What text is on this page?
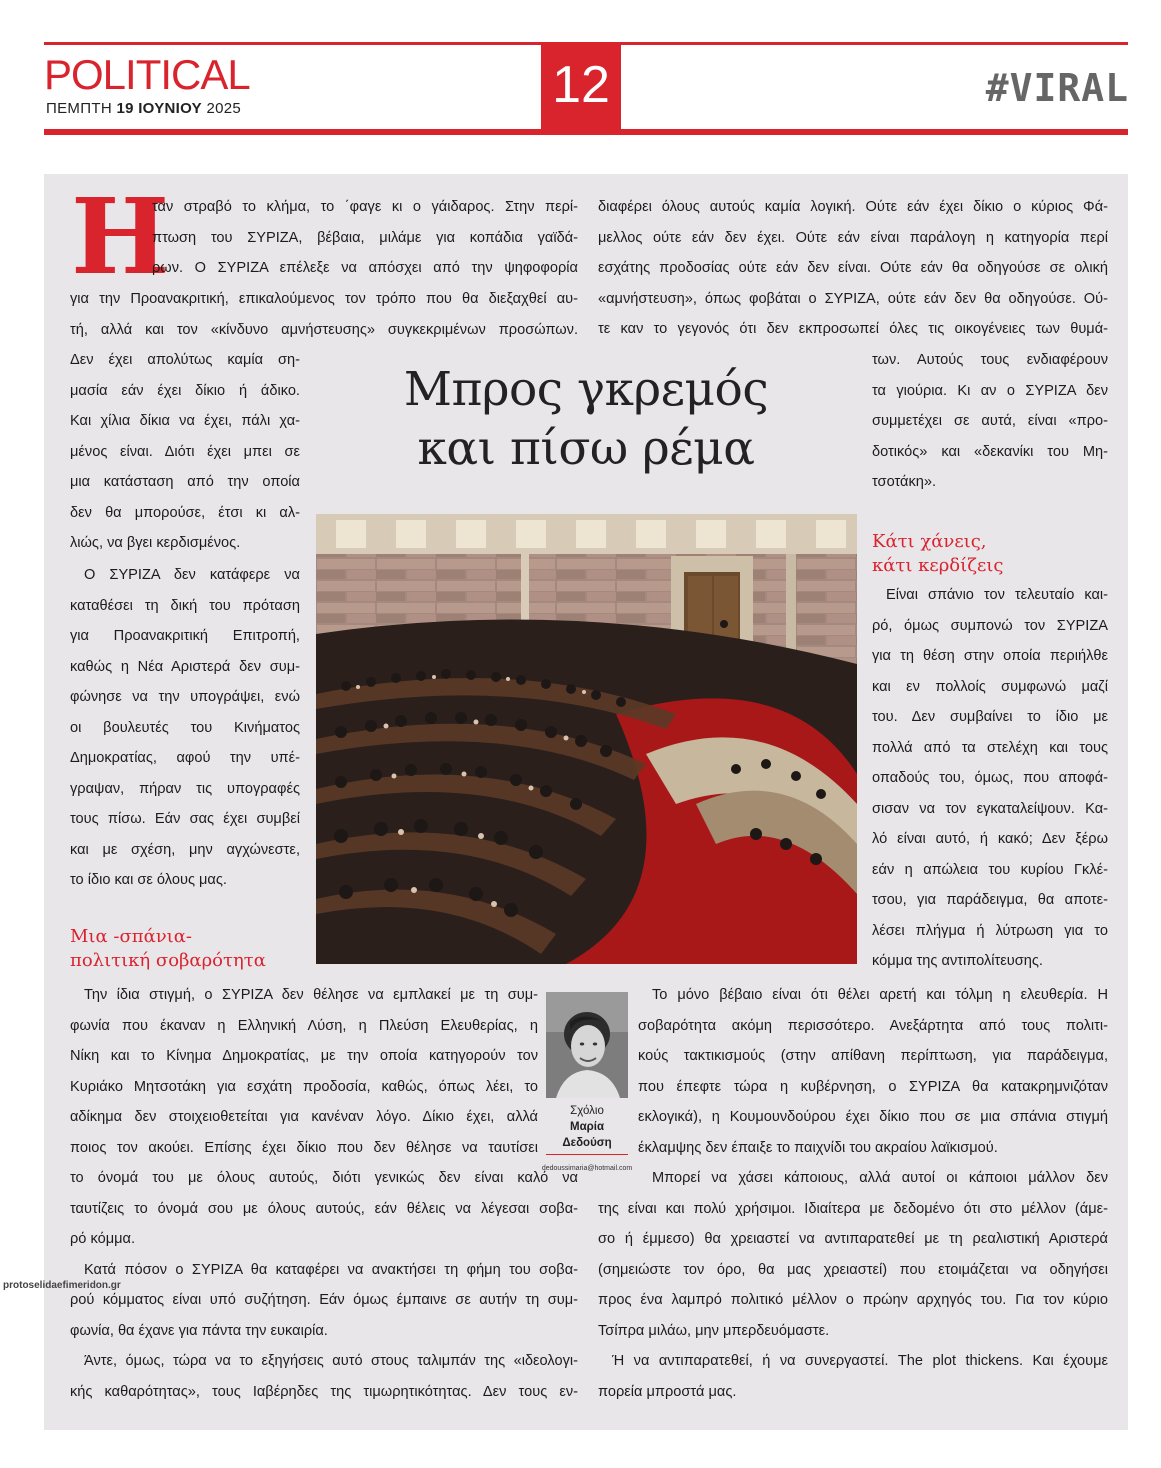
POLITICAL
ΠΕΜΠΤΗ 19 ΙΟΥΝΙΟΥ 2025	12	#VIRAL
Η
ταν στραβό το κλήμα, το ΄φαγε κι ο γάιδαρος. Στην περί-
πτωση του ΣΥΡΙΖΑ, βέβαια, μιλάμε για κοπάδια γαϊδά-
ρων. Ο ΣΥΡΙΖΑ επέλεξε να απόσχει από την ψηφοφορία
για την Προανακριτική, επικαλούμενος τον τρόπο που θα διεξαχθεί αυ-
τή, αλλά και τον «κίνδυνο αμνήστευσης» συγκεκριμένων προσώπων.
Δεν έχει απολύτως καμία ση-
μασία εάν έχει δίκιο ή άδικο.
Και χίλια δίκια να έχει, πάλι χα-
μένος είναι. Διότι έχει μπει σε
μια κατάσταση από την οποία
δεν θα μπορούσε, έτσι κι αλ-

λιώς, να βγει κερδισμένος.
Ο ΣΥΡΙΖΑ δεν κατάφερε να
καταθέσει τη δική του πρόταση
για Προανακριτική Επιτροπή,
καθώς η Νέα Αριστερά δεν συμ-
φώνησε να την υπογράψει, ενώ
οι βουλευτές του Κινήματος
Δημοκρατίας, αφού την υπέ-
γραψαν, πήραν τις υπογραφές
τους πίσω. Εάν σας έχει συμβεί
και με σχέση, μην αγχώνεστε,

το ίδιο και σε όλους μας.
Μια -σπάνια-
πολιτική σοβαρότητα
Την ίδια στιγμή, ο ΣΥΡΙΖΑ δεν θέλησε να εμπλακεί με τη συμ-
φωνία που έκαναν η Ελληνική Λύση, η Πλεύση Ελευθερίας, η
Νίκη και το Κίνημα Δημοκρατίας, με την οποία κατηγορούν τον
Κυριάκο Μητσοτάκη για εσχάτη προδοσία, καθώς, όπως λέει, το
αδίκημα δεν στοιχειοθετείται για κανέναν λόγο. Δίκιο έχει, αλλά
ποιος τον ακούει. Επίσης έχει δίκιο που δεν θέλησε να ταυτίσει
το όνομά του με όλους αυτούς, διότι γενικώς δεν είναι καλό να
ταυτίζεις το όνομά σου με όλους αυτούς, εάν θέλεις να λέγεσαι σοβα-

ρό κόμμα.
Κατά πόσον ο ΣΥΡΙΖΑ θα καταφέρει να ανακτήσει τη φήμη του σοβα-
ρού κόμματος είναι υπό συζήτηση. Εάν όμως έμπαινε σε αυτήν τη συμ-

φωνία, θα έχανε για πάντα την ευκαιρία.
Άντε, όμως, τώρα να το εξηγήσεις αυτό στους ταλιμπάν της «ιδεολογι-
κής καθαρότητας», τους Ιαβέρηδες της τιμωρητικότητας. Δεν τους εν-
διαφέρει όλους αυτούς καμία λογική. Ούτε εάν έχει δίκιο ο κύριος Φά-
μελλος ούτε εάν δεν έχει. Ούτε εάν είναι παράλογη η κατηγορία περί
εσχάτης προδοσίας ούτε εάν δεν είναι. Ούτε εάν θα οδηγούσε σε ολική
«αμνήστευση», όπως φοβάται ο ΣΥΡΙΖΑ, ούτε εάν δεν θα οδηγούσε. Ού-
τε καν το γεγονός ότι δεν εκπροσωπεί όλες τις οικογένειες των θυμά-
Μπρος γκρεμός
και πίσω ρέμα
των. Αυτούς τους ενδιαφέρουν
τα γιούρια. Κι αν ο ΣΥΡΙΖΑ δεν
συμμετέχει σε αυτά, είναι «προ-
δοτικός» και «δεκανίκι του Μη-

τσοτάκη».
Κάτι χάνεις,
κάτι κερδίζεις
Είναι σπάνιο τον τελευταίο και-
ρό, όμως συμπονώ τον ΣΥΡΙΖΑ
για τη θέση στην οποία περιήλθε
και εν πολλοίς συμφωνώ μαζί
του. Δεν συμβαίνει το ίδιο με
πολλά από τα στελέχη και τους
οπαδούς του, όμως, που αποφά-
σισαν να τον εγκαταλείψουν. Κα-
λό είναι αυτό, ή κακό; Δεν ξέρω
εάν η απώλεια του κυρίου Γκλέ-
τσου, για παράδειγμα, θα αποτε-
λέσει πλήγμα ή λύτρωση για το

κόμμα της αντιπολίτευσης.
Το μόνο βέβαιο είναι ότι θέλει αρετή και τόλμη η ελευθερία. Η
σοβαρότητα ακόμη περισσότερο. Ανεξάρτητα από τους πολιτι-
κούς τακτικισμούς (στην απίθανη περίπτωση, για παράδειγμα,
που έπεφτε τώρα η κυβέρνηση, ο ΣΥΡΙΖΑ θα κατακρημνιζόταν
εκλογικά), η Κουμουνδούρου έχει δίκιο που σε μια σπάνια στιγμή

έκλαμψης δεν έπαιξε το παιχνίδι του ακραίου λαϊκισμού.
Μπορεί να χάσει κάποιους, αλλά αυτοί οι κάποιοι μάλλον δεν
της είναι και πολύ χρήσιμοι. Ιδιαίτερα με δεδομένο ότι στο μέλλον (άμε-
σο ή έμμεσο) θα χρειαστεί να αντιπαρατεθεί με τη ρεαλιστική Αριστερά
(σημειώστε τον όρο, θα μας χρειαστεί) που ετοιμάζεται να οδηγήσει
προς ένα λαμπρό πολιτικό μέλλον ο πρώην αρχηγός του. Για τον κύριο

Τσίπρα μιλάω, μην μπερδευόμαστε.
Ή να αντιπαρατεθεί, ή να συνεργαστεί. The plot thickens. Και έχουμε

πορεία μπροστά μας.
Σχόλιο
Μαρία
Δεδούση
dedoussimaria@hotmail.com
protoselidaefimeridon.gr
